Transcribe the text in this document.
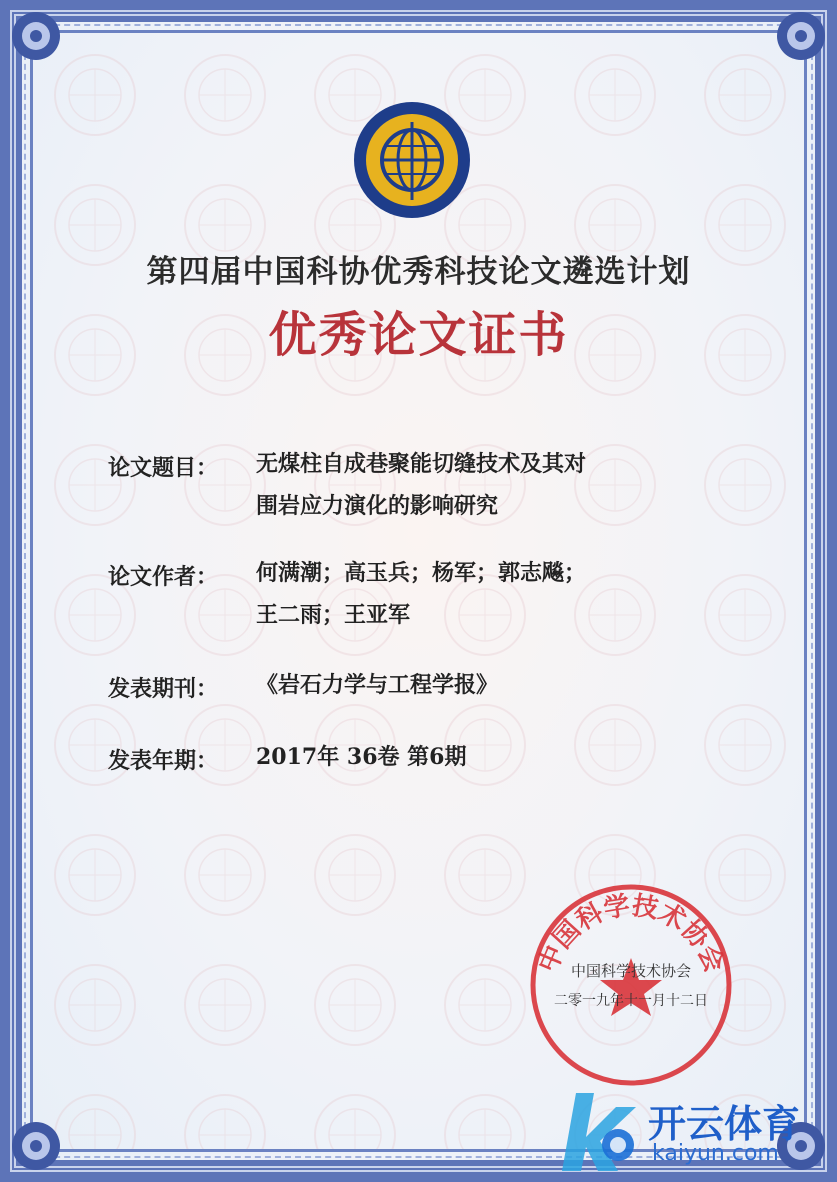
第四届中国科协优秀科技论文遴选计划
优秀论文证书
论文题目：	无煤柱自成巷聚能切缝技术及其对
围岩应力演化的影响研究
论文作者：	何满潮；高玉兵；杨军；郭志飚；
王二雨；王亚军
发表期刊：	《岩石力学与工程学报》
发表年期：	2017年 36卷 第6期
中国科学技术协会
中国科学技术协会
二零一九年十一月十二日
开云体育
kaiyun.com
